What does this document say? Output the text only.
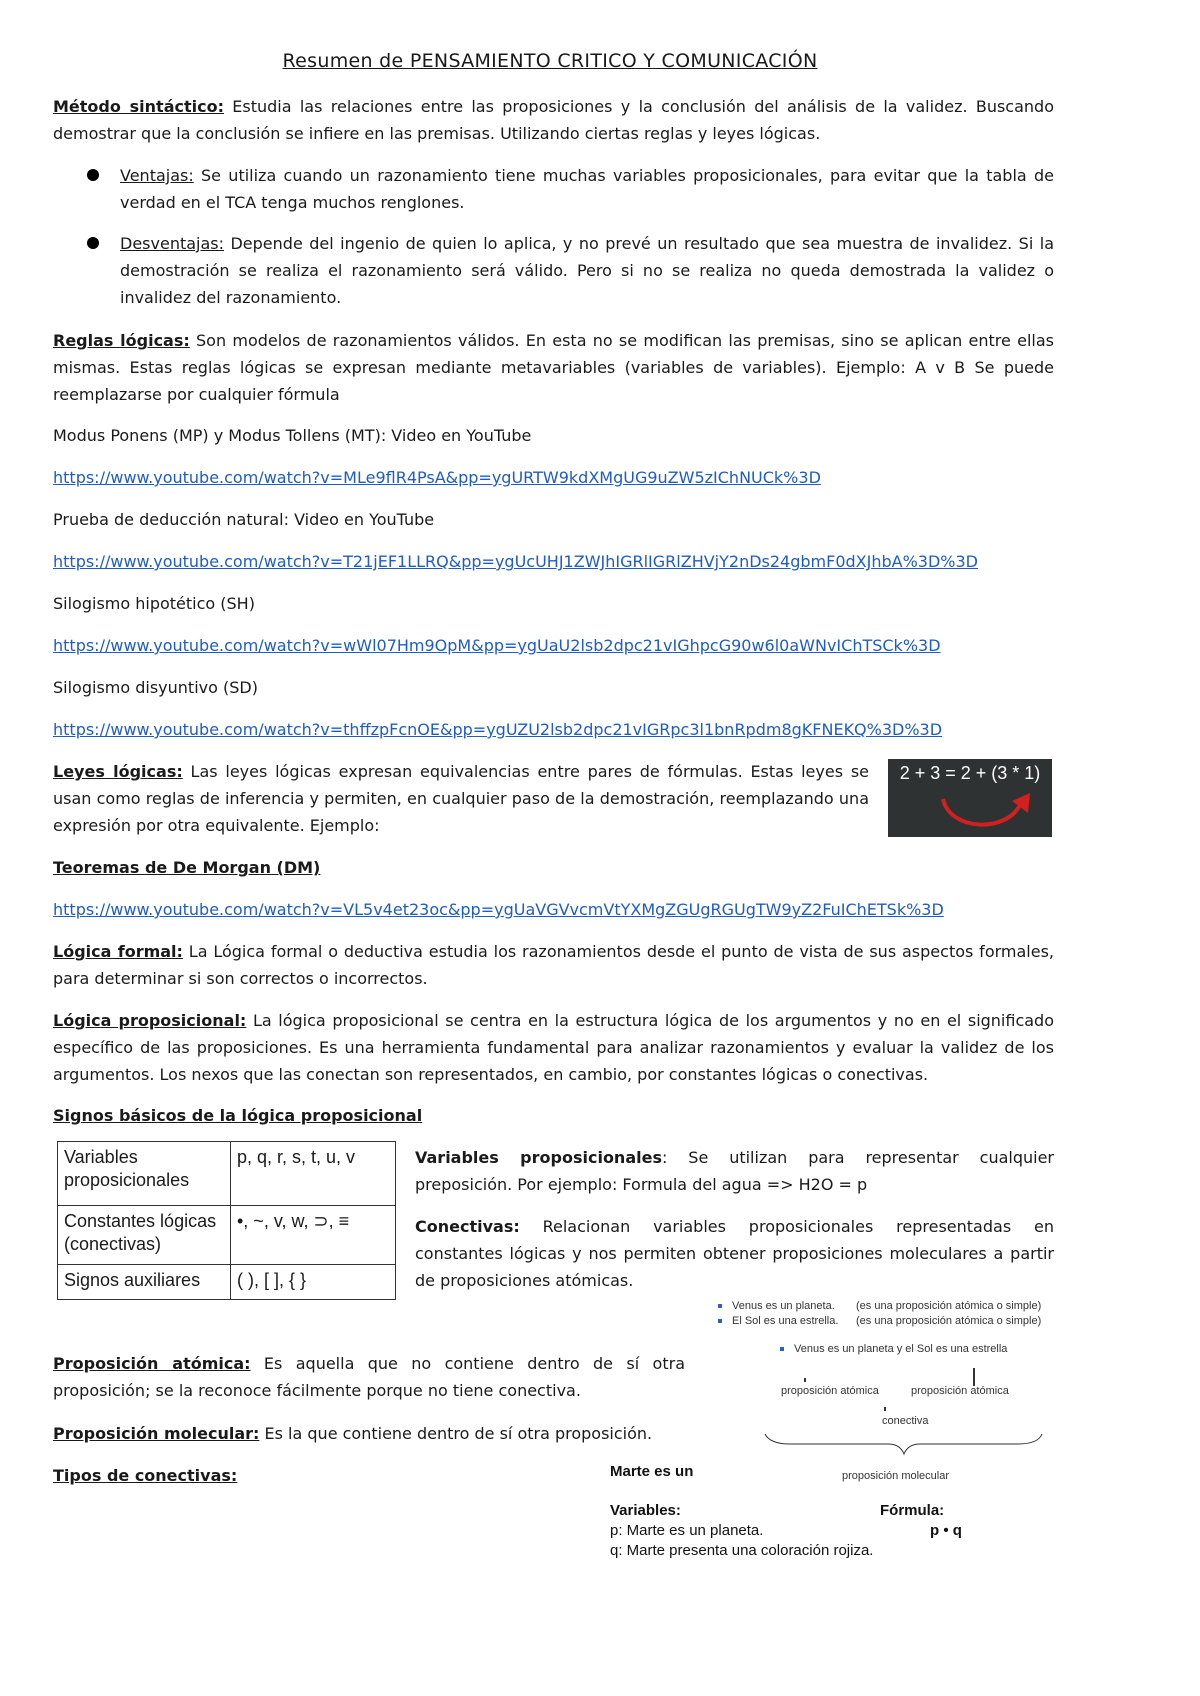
Resumen de PENSAMIENTO CRITICO Y COMUNICACIÓN

Método sintáctico: Estudia las relaciones entre las proposiciones y la conclusión del análisis de la validez. Buscando demostrar que la conclusión se infiere en las premisas. Utilizando ciertas reglas y leyes lógicas.

Ventajas: Se utiliza cuando un razonamiento tiene muchas variables proposicionales, para evitar que la tabla de verdad en el TCA tenga muchos renglones.

Desventajas: Depende del ingenio de quien lo aplica, y no prevé un resultado que sea muestra de invalidez. Si la demostración se realiza el razonamiento será válido. Pero si no se realiza no queda demostrada la validez o invalidez del razonamiento.

Reglas lógicas: Son modelos de razonamientos válidos. En esta no se modifican las premisas, sino se aplican entre ellas mismas. Estas reglas lógicas se expresan mediante metavariables (variables de variables). Ejemplo: A v B Se puede reemplazarse por cualquier fórmula

Modus Ponens (MP) y Modus Tollens (MT): Video en YouTube

https://www.youtube.com/watch?v=MLe9flR4PsA&pp=ygURTW9kdXMgUG9uZW5zIChNUCk%3D

Prueba de deducción natural: Video en YouTube

https://www.youtube.com/watch?v=T21jEF1LLRQ&pp=ygUcUHJ1ZWJhIGRlIGRlZHVjY2nDs24gbmF0dXJhbA%3D%3D

Silogismo hipotético (SH)

https://www.youtube.com/watch?v=wWl07Hm9OpM&pp=ygUaU2lsb2dpc21vIGhpcG90w6l0aWNvIChTSCk%3D

Silogismo disyuntivo (SD)

https://www.youtube.com/watch?v=thffzpFcnOE&pp=ygUZU2lsb2dpc21vIGRpc3l1bnRpdm8gKFNEKQ%3D%3D

Leyes lógicas: Las leyes lógicas expresan equivalencias entre pares de fórmulas. Estas leyes se usan como reglas de inferencia y permiten, en cualquier paso de la demostración, reemplazando una expresión por otra equivalente. Ejemplo:

2 + 3 = 2 + (3 * 1)

Teoremas de De Morgan (DM)

https://www.youtube.com/watch?v=VL5v4et23oc&pp=ygUaVGVvcmVtYXMgZGUgRGUgTW9yZ2FuIChETSk%3D

Lógica formal: La Lógica formal o deductiva estudia los razonamientos desde el punto de vista de sus aspectos formales, para determinar si son correctos o incorrectos.

Lógica proposicional: La lógica proposicional se centra en la estructura lógica de los argumentos y no en el significado específico de las proposiciones. Es una herramienta fundamental para analizar razonamientos y evaluar la validez de los argumentos. Los nexos que las conectan son representados, en cambio, por constantes lógicas o conectivas.

Signos básicos de la lógica proposicional

Variables proposicionales	p, q, r, s, t, u, v
Constantes lógicas (conectivas)	•, ~, v, w, ⊃, ≡
Signos auxiliares	( ), [ ], { }

Variables proposicionales: Se utilizan para representar cualquier preposición. Por ejemplo: Formula del agua => H2O = p

Conectivas: Relacionan variables proposicionales representadas en constantes lógicas y nos permiten obtener proposiciones moleculares a partir de proposiciones atómicas.

Venus es un planeta. (es una proposición atómica o simple)
El Sol es una estrella. (es una proposición atómica o simple)
Venus es un planeta y el Sol es una estrella
proposición atómica	proposición atómica
conectiva
proposición molecular

Proposición atómica: Es aquella que no contiene dentro de sí otra proposición; se la reconoce fácilmente porque no tiene conectiva.

Proposición molecular: Es la que contiene dentro de sí otra proposición.

Tipos de conectivas:	Marte es un
Variables:	Fórmula:
p: Marte es un planeta.	p • q
q: Marte presenta una coloración rojiza.
